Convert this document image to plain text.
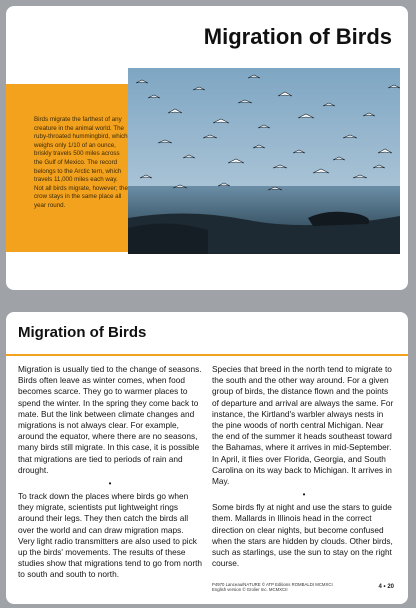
Migration of Birds
Birds migrate the farthest of any creature in the animal world. The ruby-throated hummingbird, which weighs only 1/10 of an ounce, briskly travels 500 miles across the Gulf of Mexico. The record belongs to the Arctic tern, which travels 11,000 miles each way. Not all birds migrate, however; the crow stays in the same place all year round.
Migration of Birds

Migration is usually tied to the change of seasons. Birds often leave as winter comes, when food becomes scarce. They go to warmer places to spend the winter. In the spring they come back to mate. But the link between climate changes and migrations is not always clear. For example, around the equator, where there are no seasons, many birds still migrate. In this case, it is possible that migrations are tied to periods of rain and drought.

•

To track down the places where birds go when they migrate, scientists put lightweight rings around their legs. They then catch the birds all over the world and can draw migration maps. Very light radio transmitters are also used to pick up the birds' movements. The results of these studies show that migrations tend to go from north to south and south to north.

Species that breed in the north tend to migrate to the south and the other way around. For a given group of birds, the distance flown and the points of departure and arrival are always the same. For instance, the Kirtland's warbler always nests in the pine woods of north central Michigan. Near the end of the summer it heads southeast toward the Bahamas, where it arrives in mid-September. In April, it flies over Florida, Georgia, and South Carolina on its way back to Michigan. It arrives in May.

•

Some birds fly at night and use the stars to guide them. Mallards in Illinois head in the correct direction on clear nights, but become confused when the stars are hidden by clouds. Other birds, such as starlings, use the sun to stay on the right course.

P4970 Lanceau/NATURE © ATP Editions ROMBALDI MCMXCI
English version © Grolier Inc. MCMXCII	4 • 20
